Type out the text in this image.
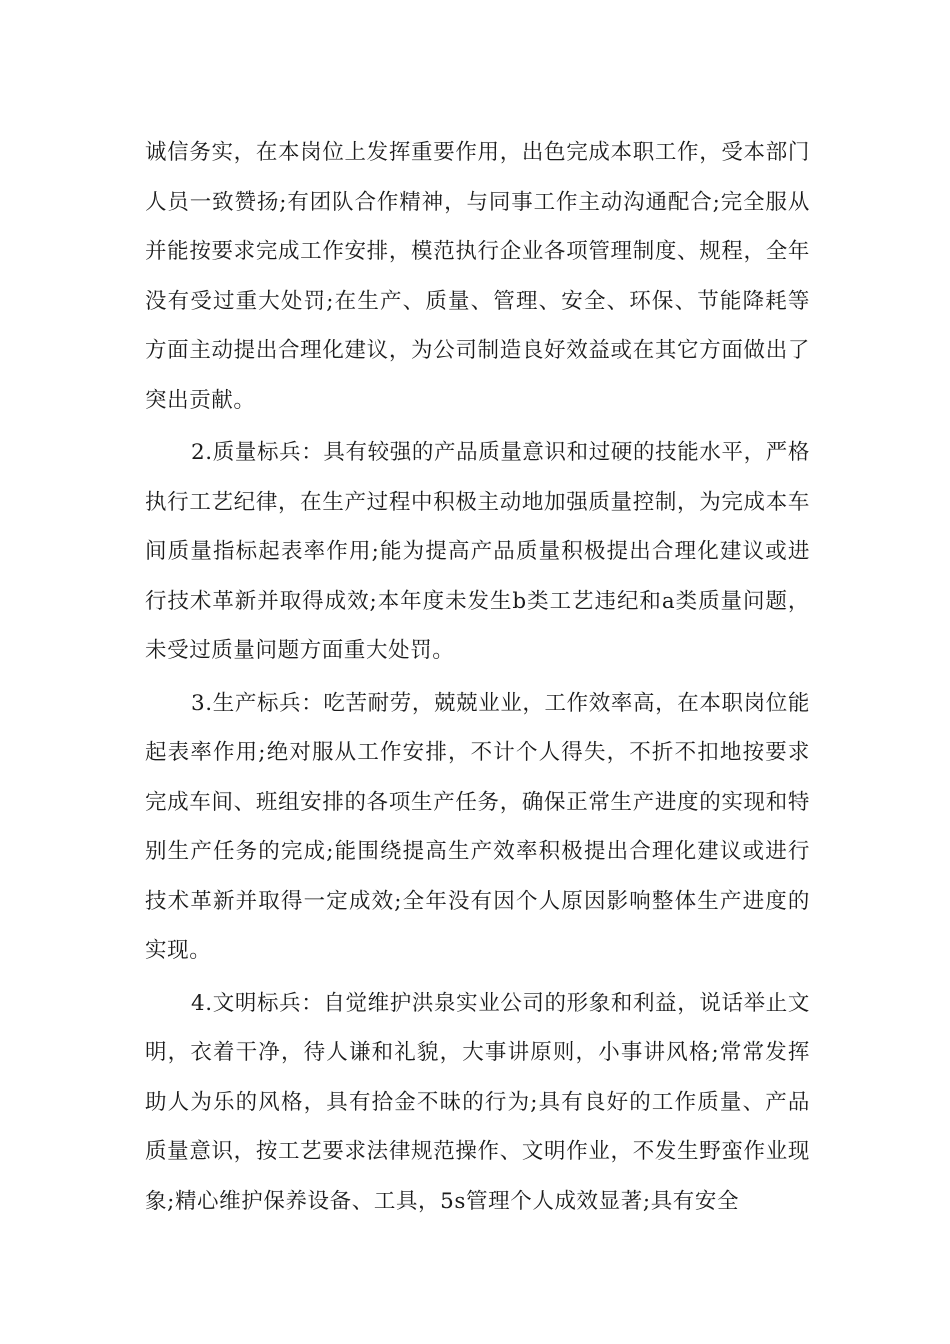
诚信务实，在本岗位上发挥重要作用，出色完成本职工作，受本部门人员一致赞扬;有团队合作精神，与同事工作主动沟通配合;完全服从并能按要求完成工作安排，模范执行企业各项管理制度、规程，全年没有受过重大处罚;在生产、质量、管理、安全、环保、节能降耗等方面主动提出合理化建议，为公司制造良好效益或在其它方面做出了突出贡献。

2.质量标兵：具有较强的产品质量意识和过硬的技能水平，严格执行工艺纪律，在生产过程中积极主动地加强质量控制，为完成本车间质量指标起表率作用;能为提高产品质量积极提出合理化建议或进行技术革新并取得成效;本年度未发生b类工艺违纪和a类质量问题，未受过质量问题方面重大处罚。

3.生产标兵：吃苦耐劳，兢兢业业，工作效率高，在本职岗位能起表率作用;绝对服从工作安排，不计个人得失，不折不扣地按要求完成车间、班组安排的各项生产任务，确保正常生产进度的实现和特别生产任务的完成;能围绕提高生产效率积极提出合理化建议或进行技术革新并取得一定成效;全年没有因个人原因影响整体生产进度的实现。

4.文明标兵：自觉维护洪泉实业公司的形象和利益，说话举止文明，衣着干净，待人谦和礼貌，大事讲原则，小事讲风格;常常发挥助人为乐的风格，具有拾金不昧的行为;具有良好的工作质量、产品质量意识，按工艺要求法律规范操作、文明作业，不发生野蛮作业现象;精心维护保养设备、工具，5s管理个人成效显著;具有安全
